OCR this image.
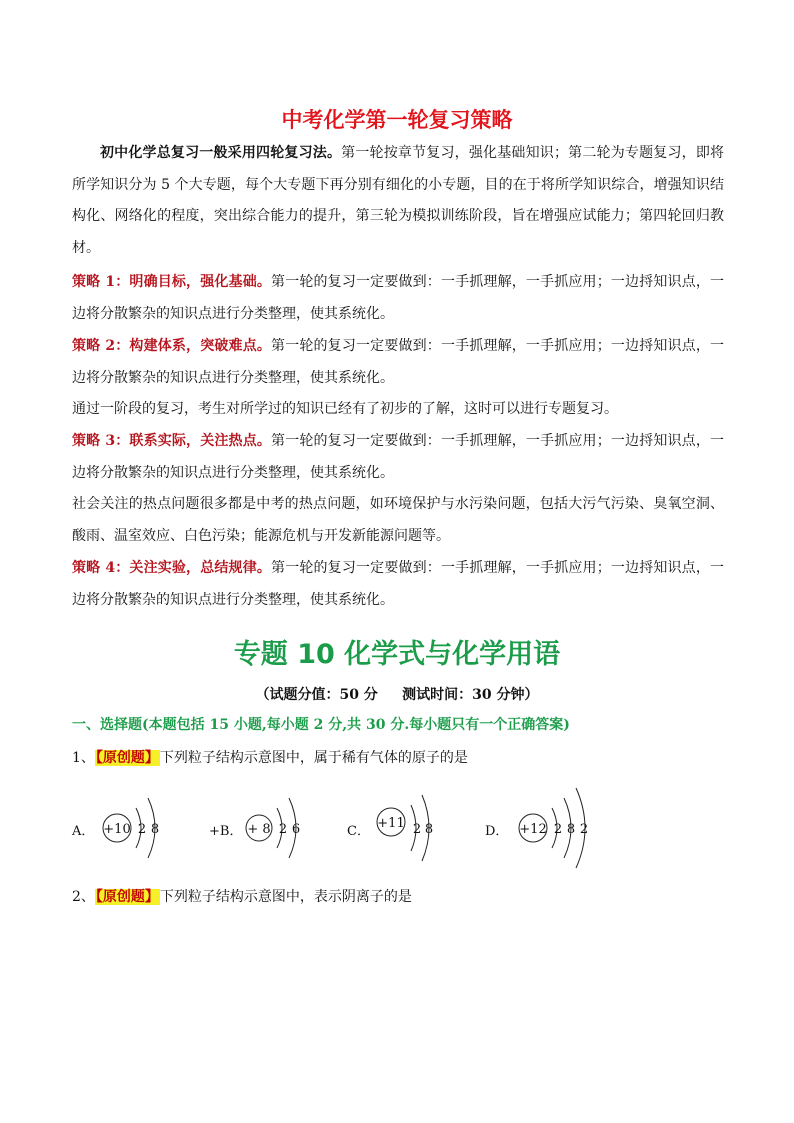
中考化学第一轮复习策略
初中化学总复习一般采用四轮复习法。第一轮按章节复习，强化基础知识；第二轮为专题复习，即将所学知识分为 5 个大专题，每个大专题下再分别有细化的小专题，目的在于将所学知识综合，增强知识结构化、网络化的程度，突出综合能力的提升，第三轮为模拟训练阶段，旨在增强应试能力；第四轮回归教材。
策略 1：明确目标，强化基础。第一轮的复习一定要做到：一手抓理解，一手抓应用；一边捋知识点，一边将分散繁杂的知识点进行分类整理，使其系统化。
策略 2：构建体系，突破难点。第一轮的复习一定要做到：一手抓理解，一手抓应用；一边捋知识点，一边将分散繁杂的知识点进行分类整理，使其系统化。
通过一阶段的复习，考生对所学过的知识已经有了初步的了解，这时可以进行专题复习。
策略 3：联系实际，关注热点。第一轮的复习一定要做到：一手抓理解，一手抓应用；一边捋知识点，一边将分散繁杂的知识点进行分类整理，使其系统化。
社会关注的热点问题很多都是中考的热点问题，如环境保护与水污染问题，包括大污气污染、臭氧空洞、酸雨、温室效应、白色污染；能源危机与开发新能源问题等。
策略 4：关注实验，总结规律。第一轮的复习一定要做到：一手抓理解，一手抓应用；一边捋知识点，一边将分散繁杂的知识点进行分类整理，使其系统化。
专题 10 化学式与化学用语
（试题分值：50 分     测试时间：30 分钟）
一、选择题(本题包括 15 小题,每小题 2 分,共 30 分.每小题只有一个正确答案)
1、【原创题】下列粒子结构示意图中，属于稀有气体的原子的是
A． +10 2 8	+B． + 8 2 6	C．
+11 2 8	D． +12 2 8 2
2、【原创题】下列粒子结构示意图中，表示阴离子的是
